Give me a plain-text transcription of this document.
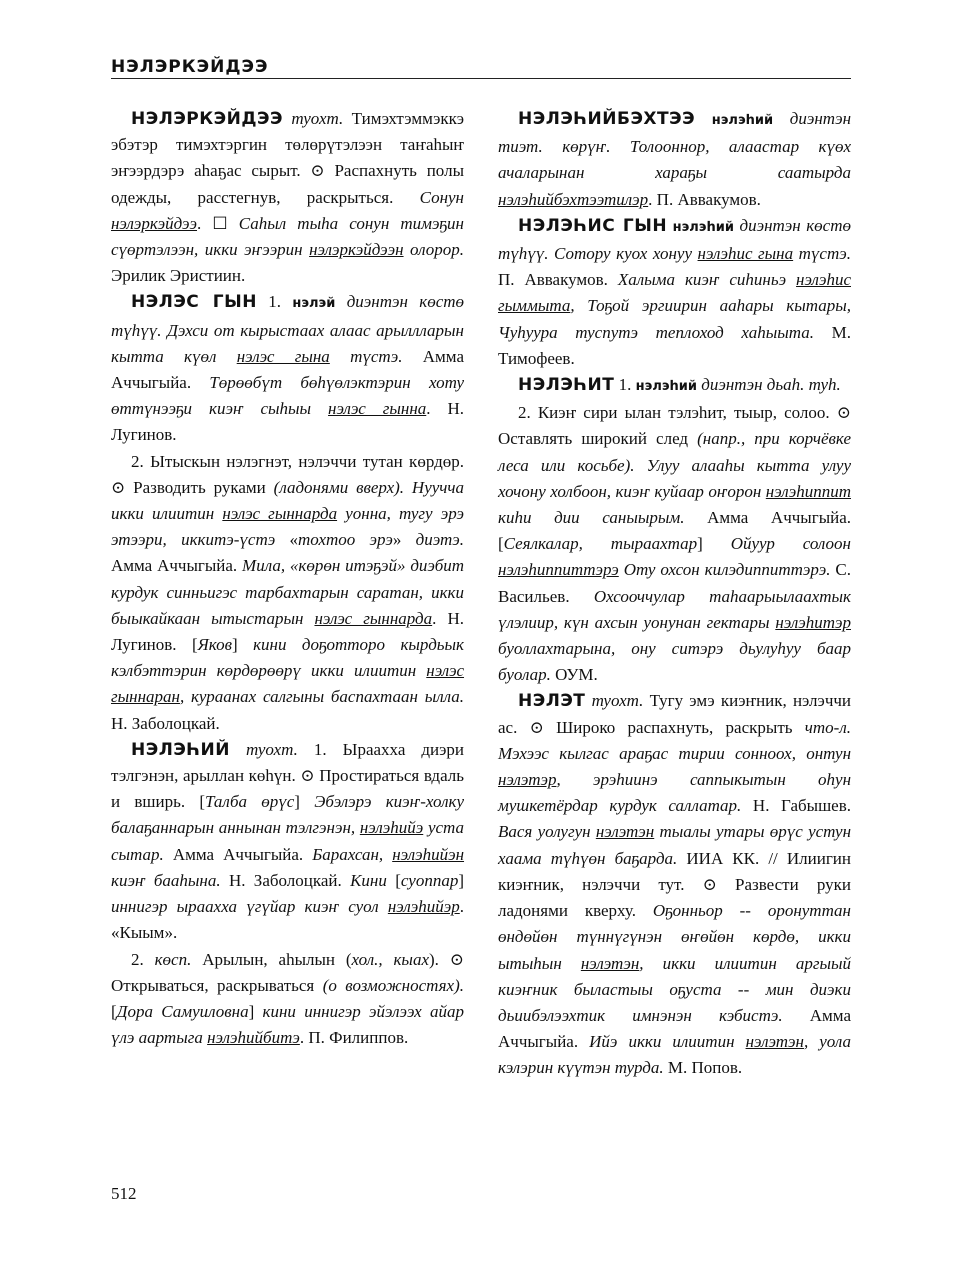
НЭЛЭРКЭЙДЭЭ

НЭЛЭРКЭЙДЭЭ туохт. Тимэхтэммэккэ эбэтэр тимэхтэргин төлөрүтэлээн таҥаһыҥ эҥээрдэрэ аһаҕас сырыт. ⊙ Распахнуть полы одежды, расстегнув, раскрыться. Сонун нэлэркэйдээ. ☐ Саһыл тыһа сонун тимэҕин сүөртэлээн, икки эҥээрин нэлэркэйдээн олорор. Эрилик Эристиин.

НЭЛЭС ГЫН 1. нэлэй диэнтэн көстө түһүү. Дэхси от кырыстаах алаас арыллларын кытта күөл нэлэс гына түстэ. Амма Аччыгыйа. Төрөөбүт бөһүөлэктэрин хоту өттүнээҕи киэҥ сыһыы нэлэс гынна. Н. Лугинов.

2. Ытыскын нэлэгнэт, нэлэччи тутан көрдөр. ⊙ Разводить руками (ладонями вверх). Нуучча икки илиитин нэлэс гыннарда уонна, тугу эрэ этээри, иккитэ-үстэ «тохтоо эрэ» диэтэ. Амма Аччыгыйа. Мила, «көрөн итэҕэй» диэбит курдук синньигэс тарбахтарын саратан, икки быыкайкаан ытыстарын нэлэс гыннарда. Н. Лугинов. [Яков] кини доҕотторо кырдьык кэлбэттэрин көрдөрөөрү икки илиитин нэлэс гыннаран, кураанах салгыны баспахтаан ылла. Н. Заболоцкай.

НЭЛЭҺИЙ туохт. 1. Ыраахха диэри тэлгэнэн, арыллан көһүн. ⊙ Простираться вдаль и вширь. [Талба өрүс] Эбэлэрэ киэҥ-холку балаҕаннарын аннынан тэлгэнэн, нэлэһийэ уста сытар. Амма Аччыгыйа. Барахсан, нэлэһийэн киэҥ бааһына. Н. Заболоцкай. Кини [суоппар] иннигэр ыраахха үгүйар киэҥ суол нэлэһийэр. «Кыым».

2. көсп. Арылын, аһылын (хол., кыах). ⊙ Открываться, раскрываться (о возможностях). [Дора Самуиловна] кини иннигэр эйэлээх айар үлэ аартыга нэлэһийбитэ. П. Филиппов.

НЭЛЭҺИЙБЭХТЭЭ нэлэһий диэнтэн тиэт. көрүҥ. Толооннор, алаастар күөх ачаларынан хараҕы саатырда нэлэһийбэхтээтилэр. П. Аввакумов.

НЭЛЭҺИС ГЫН нэлэһий диэнтэн көстө түһүү. Сотору куох хонуу нэлэһис гына түстэ. П. Аввакумов. Халыма киэҥ сиһиньэ нэлэһис гыммыта, Тоҕой эргиирин ааһары кытары, Чуһуура туспутэ теплоход хаһыыта. М. Тимофеев.

НЭЛЭҺИТ 1. нэлэһий диэнтэн дьаһ. туһ.

2. Киэҥ сири ылан тэлэһит, тыыр, солоо. ⊙ Оставлять широкий след (напр., при корчёвке леса или косьбе). Улуу алааһы кытта улуу хочону холбоон, киэҥ куйаар оҥорон нэлэһиппит киһи дии саныырым. Амма Аччыгыйа. [Сеялкалар, тыраахтар] Ойуур солоон нэлэһиппиттэрэ Оту охсон килэдиппиттэрэ. С. Васильев. Охсооччулар таһаарыылаахтык үлэлиир, күн ахсын уонунан гектары нэлэһитэр буоллахтарына, ону ситэрэ дьулуһуу баар буолар. ОУМ.

НЭЛЭТ туохт. Тугу эмэ киэҥник, нэлэччи ас. ⊙ Широко распахнуть, раскрыть что-л. Мэхээс кылгас араҕас тирии сонноох, онтун нэлэтэр, эрэһиинэ саппыкытын оһун мушкетёрдар курдук саллатар. Н. Габышев. Вася уолугун нэлэтэн тыалы утары өрүс устун хаама түһүөн баҕарда. ИИА КК. // Илиигин киэҥник, нэлэччи тут. ⊙ Развести руки ладонями кверху. Оҕонньор -- оронуттан өндөйөн түннүгүнэн өҥөйөн көрдө, икки ытыһын нэлэтэн, икки илиитин аргыый киэҥник быластыы оҕуста -- мин диэки дьиибэлээхтик имнэнэн кэбистэ. Амма Аччыгыйа. Ийэ икки илиитин нэлэтэн, уола кэлэрин күүтэн турда. М. Попов.

512
